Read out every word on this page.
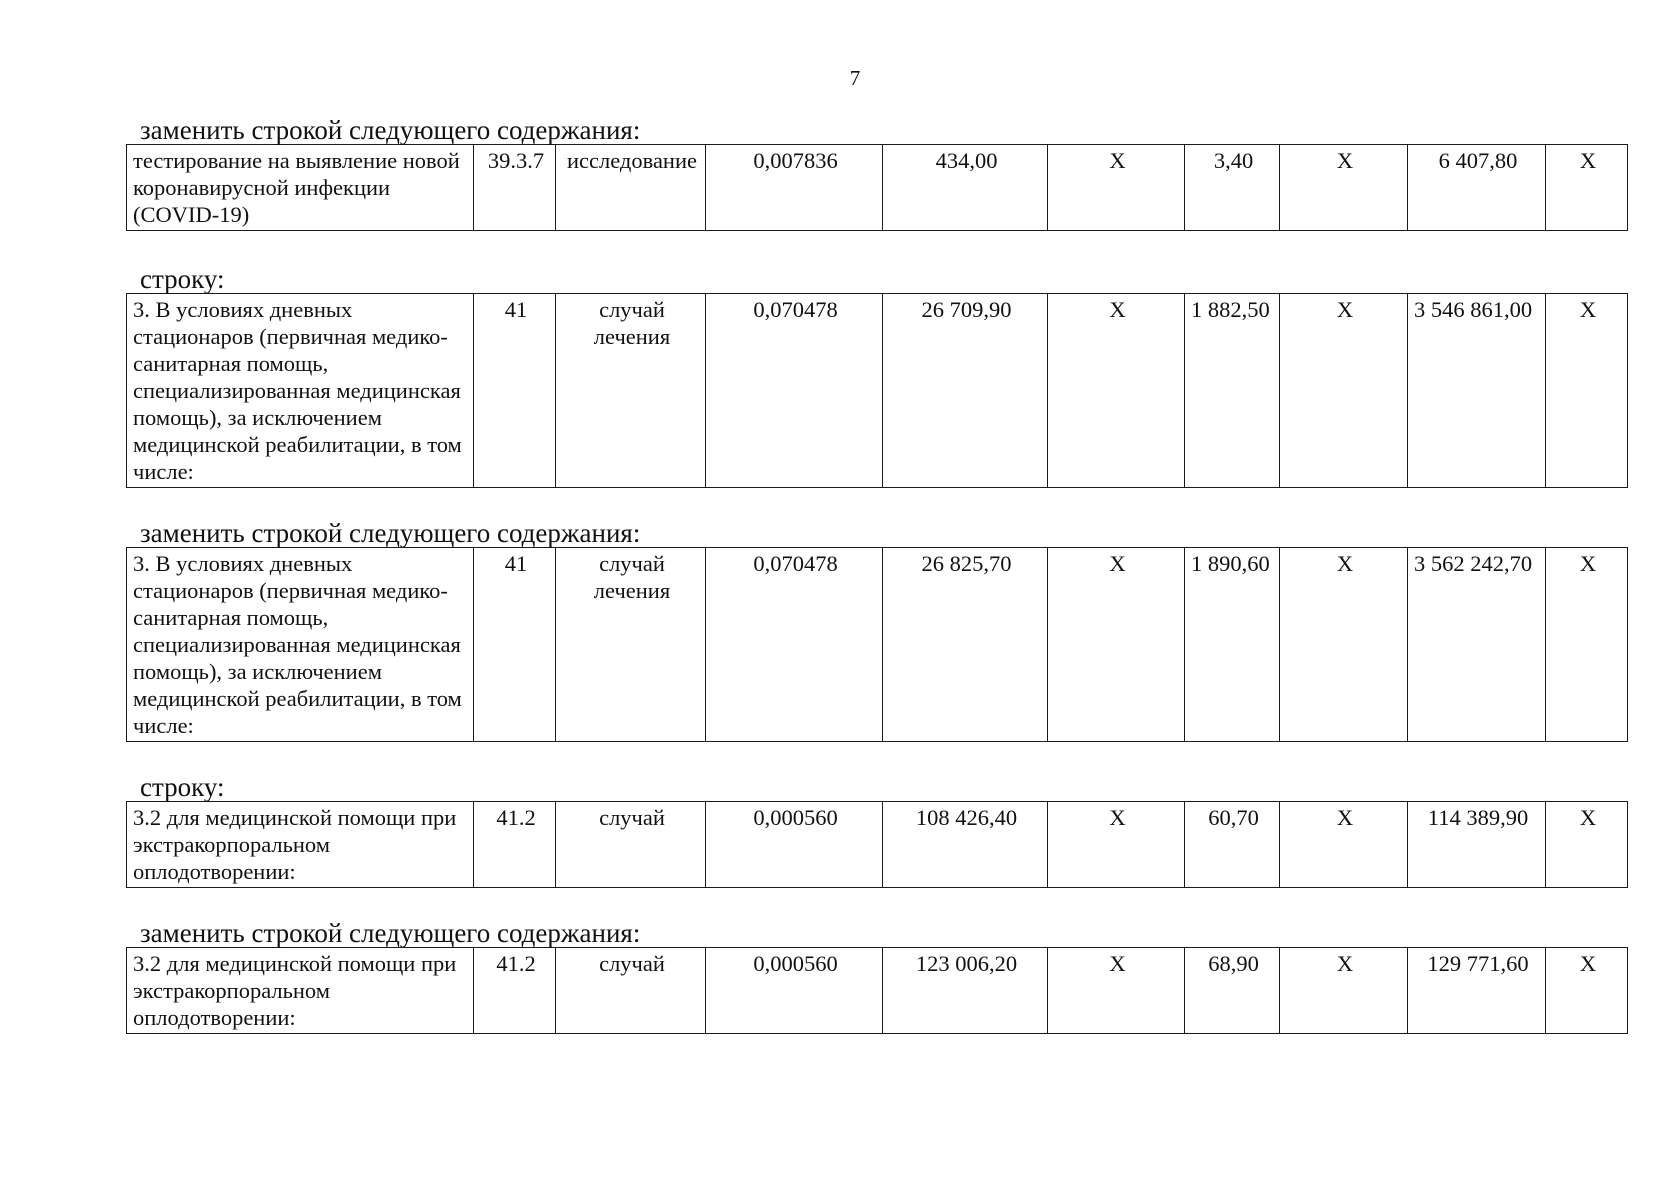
7
заменить строкой следующего содержания:
тестирование на выявление новой коронавирусной инфекции (COVID-19)	39.3.7	исследование	0,007836	434,00	X	3,40	X	6 407,80	X
строку:
3. В условиях дневных стационаров (первичная медико-санитарная помощь, специализированная медицинская помощь), за исключением медицинской реабилитации, в том числе:	41	случай лечения	0,070478	26 709,90	X	1 882,50	X	3 546 861,00	X
заменить строкой следующего содержания:
3. В условиях дневных стационаров (первичная медико-санитарная помощь, специализированная медицинская помощь), за исключением медицинской реабилитации, в том числе:	41	случай лечения	0,070478	26 825,70	X	1 890,60	X	3 562 242,70	X
строку:
3.2 для медицинской помощи при экстракорпоральном оплодотворении:	41.2	случай	0,000560	108 426,40	X	60,70	X	114 389,90	X
заменить строкой следующего содержания:
3.2 для медицинской помощи при экстракорпоральном оплодотворении:	41.2	случай	0,000560	123 006,20	X	68,90	X	129 771,60	X
